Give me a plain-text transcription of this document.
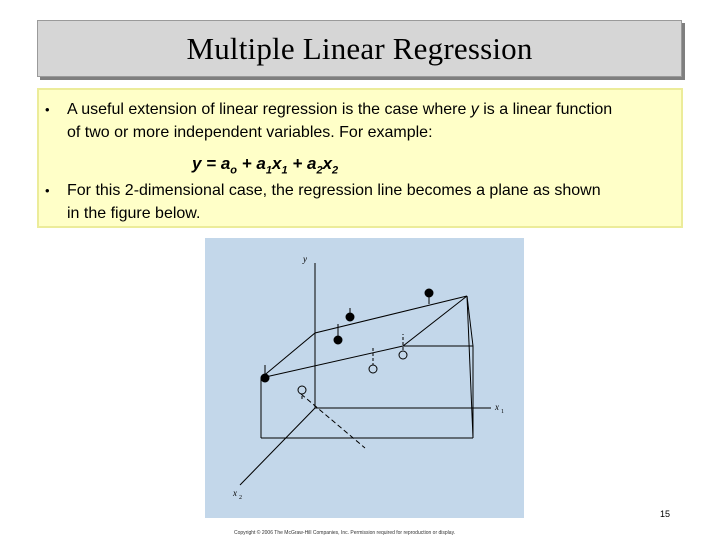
Multiple Linear Regression
• A useful extension of linear regression is the case where y is a linear function
of two or more independent variables. For example:
$y = a_o + a_1x_1 + a_2x_2$
• For this 2-dimensional case, the regression line becomes a plane as shown
in the figure below.
y
x 1
x 2
15
Copyright © 2006 The McGraw-Hill Companies, Inc. Permission required for reproduction or display.
